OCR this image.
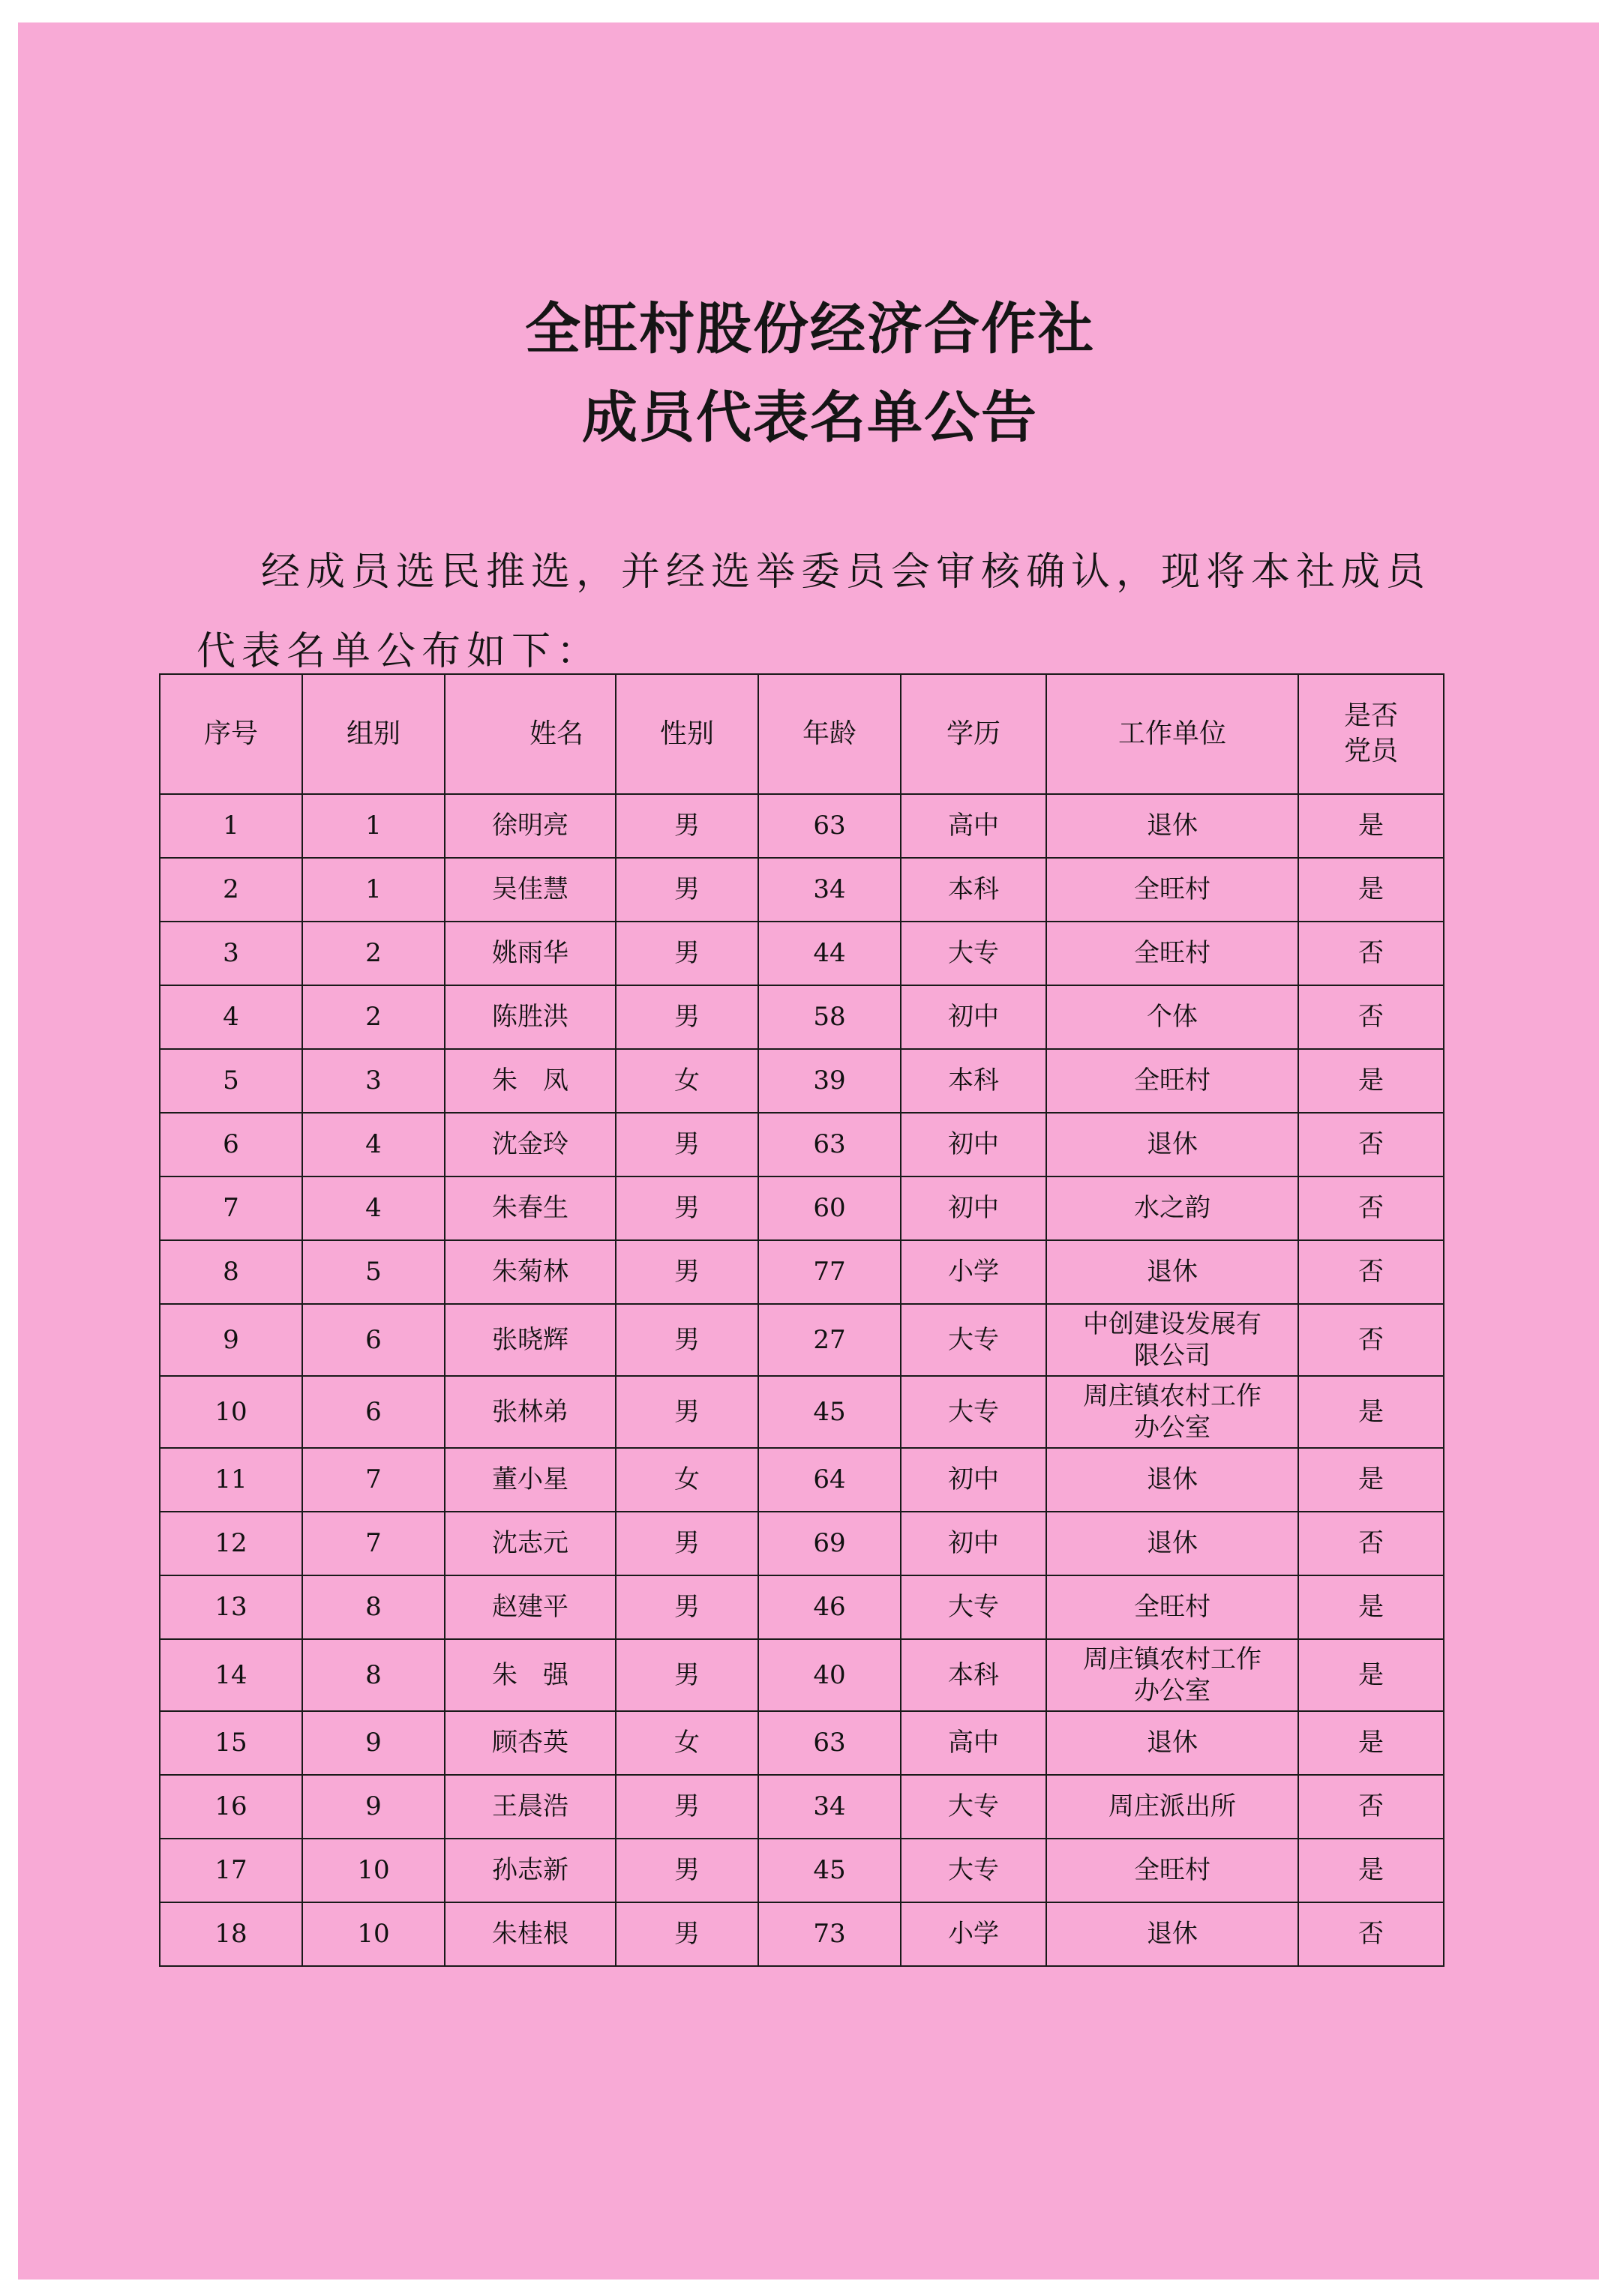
全旺村股份经济合作社
成员代表名单公告
经成员选民推选，并经选举委员会审核确认，现将本社成员
代表名单公布如下：
序号	组别	姓名	性别	年龄	学历	工作单位	是否
党员
1	1	徐明亮	男	63	高中	退休	是
2	1	吴佳慧	男	34	本科	全旺村	是
3	2	姚雨华	男	44	大专	全旺村	否
4	2	陈胜洪	男	58	初中	个体	否
5	3	朱　凤	女	39	本科	全旺村	是
6	4	沈金玲	男	63	初中	退休	否
7	4	朱春生	男	60	初中	水之韵	否
8	5	朱菊林	男	77	小学	退休	否
9	6	张晓辉	男	27	大专	中创建设发展有限公司	否
10	6	张林弟	男	45	大专	周庄镇农村工作办公室	是
11	7	董小星	女	64	初中	退休	是
12	7	沈志元	男	69	初中	退休	否
13	8	赵建平	男	46	大专	全旺村	是
14	8	朱　强	男	40	本科	周庄镇农村工作办公室	是
15	9	顾杏英	女	63	高中	退休	是
16	9	王晨浩	男	34	大专	周庄派出所	否
17	10	孙志新	男	45	大专	全旺村	是
18	10	朱桂根	男	73	小学	退休	否
